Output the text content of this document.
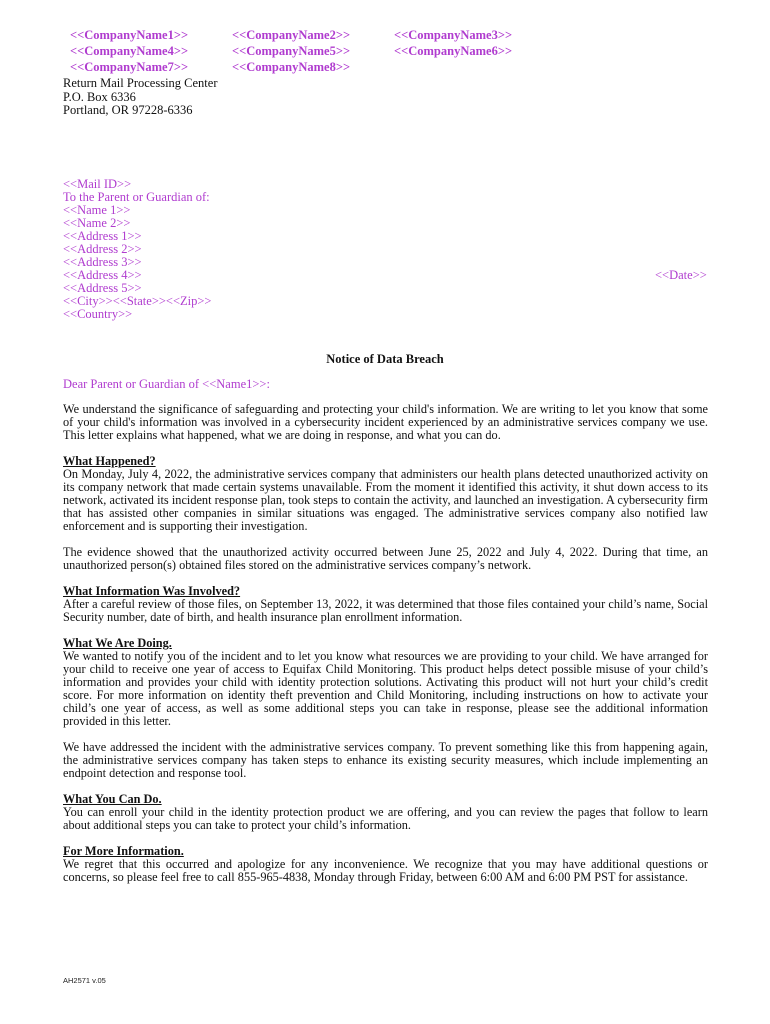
<<CompanyName1>>	<<CompanyName2>>	<<CompanyName3>>
<<CompanyName4>>	<<CompanyName5>>	<<CompanyName6>>
<<CompanyName7>>	<<CompanyName8>>
Return Mail Processing Center
P.O. Box 6336
Portland, OR 97228-6336
<<Mail ID>>
To the Parent or Guardian of:
<<Name 1>>
<<Name 2>>
<<Address 1>>
<<Address 2>>
<<Address 3>>
<<Address 4>>
<<Address 5>>
<<City>><<State>><<Zip>>
<<Country>>
<<Date>>
Notice of Data Breach
Dear Parent or Guardian of <<Name1>>:

We understand the significance of safeguarding and protecting your child's information. We are writing to let you know that some of your child's information was involved in a cybersecurity incident experienced by an administrative services company we use. This letter explains what happened, what we are doing in response, and what you can do.

What Happened?

On Monday, July 4, 2022, the administrative services company that administers our health plans detected unauthorized activity on its company network that made certain systems unavailable. From the moment it identified this activity, it shut down access to its network, activated its incident response plan, took steps to contain the activity, and launched an investigation. A cybersecurity firm that has assisted other companies in similar situations was engaged. The administrative services company also notified law enforcement and is supporting their investigation.

The evidence showed that the unauthorized activity occurred between June 25, 2022 and July 4, 2022. During that time, an unauthorized person(s) obtained files stored on the administrative services company’s network.

What Information Was Involved?

After a careful review of those files, on September 13, 2022, it was determined that those files contained your child’s name, Social Security number, date of birth, and health insurance plan enrollment information.

What We Are Doing.

We wanted to notify you of the incident and to let you know what resources we are providing to your child. We have arranged for your child to receive one year of access to Equifax Child Monitoring. This product helps detect possible misuse of your child’s information and provides your child with identity protection solutions. Activating this product will not hurt your child’s credit score. For more information on identity theft prevention and Child Monitoring, including instructions on how to activate your child’s one year of access, as well as some additional steps you can take in response, please see the additional information provided in this letter.

We have addressed the incident with the administrative services company. To prevent something like this from happening again, the administrative services company has taken steps to enhance its existing security measures, which include implementing an endpoint detection and response tool.

What You Can Do.

You can enroll your child in the identity protection product we are offering, and you can review the pages that follow to learn about additional steps you can take to protect your child’s information.

For More Information.

We regret that this occurred and apologize for any inconvenience. We recognize that you may have additional questions or concerns, so please feel free to call 855-965-4838, Monday through Friday, between 6:00 AM and 6:00 PM PST for assistance.

AH2571 v.05
